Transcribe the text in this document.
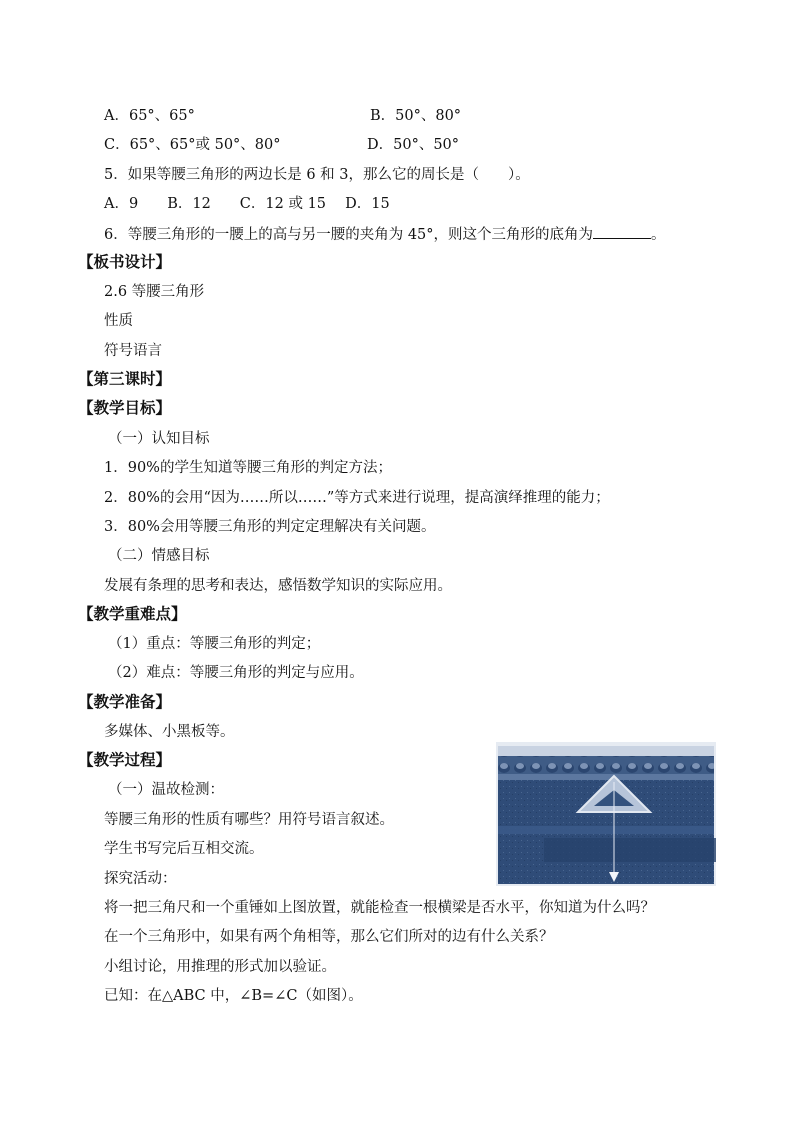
A．65°、65°	B．50°、80°
C．65°、65°或 50°、80°	D．50°、50°
5．如果等腰三角形的两边长是 6 和 3，那么它的周长是（　　）。
A．9　　B．12　　C．12 或 15　 D．15
6．等腰三角形的一腰上的高与另一腰的夹角为 45°，则这个三角形的底角为	。
【板书设计】
2.6 等腰三角形
性质
符号语言
【第三课时】
【教学目标】
（一）认知目标
1．90%的学生知道等腰三角形的判定方法；
2．80%的会用“因为……所以……”等方式来进行说理，提高演绎推理的能力；
3．80%会用等腰三角形的判定定理解决有关问题。
（二）情感目标
发展有条理的思考和表达，感悟数学知识的实际应用。
【教学重难点】
（1）重点：等腰三角形的判定；
（2）难点：等腰三角形的判定与应用。
【教学准备】
多媒体、小黑板等。
【教学过程】
（一）温故检测：
等腰三角形的性质有哪些？用符号语言叙述。
学生书写完后互相交流。
探究活动：
将一把三角尺和一个重锤如上图放置，就能检查一根横梁是否水平，你知道为什么吗？
在一个三角形中，如果有两个角相等，那么它们所对的边有什么关系？
小组讨论，用推理的形式加以验证。
已知：在△ABC 中，∠B=∠C（如图）。
